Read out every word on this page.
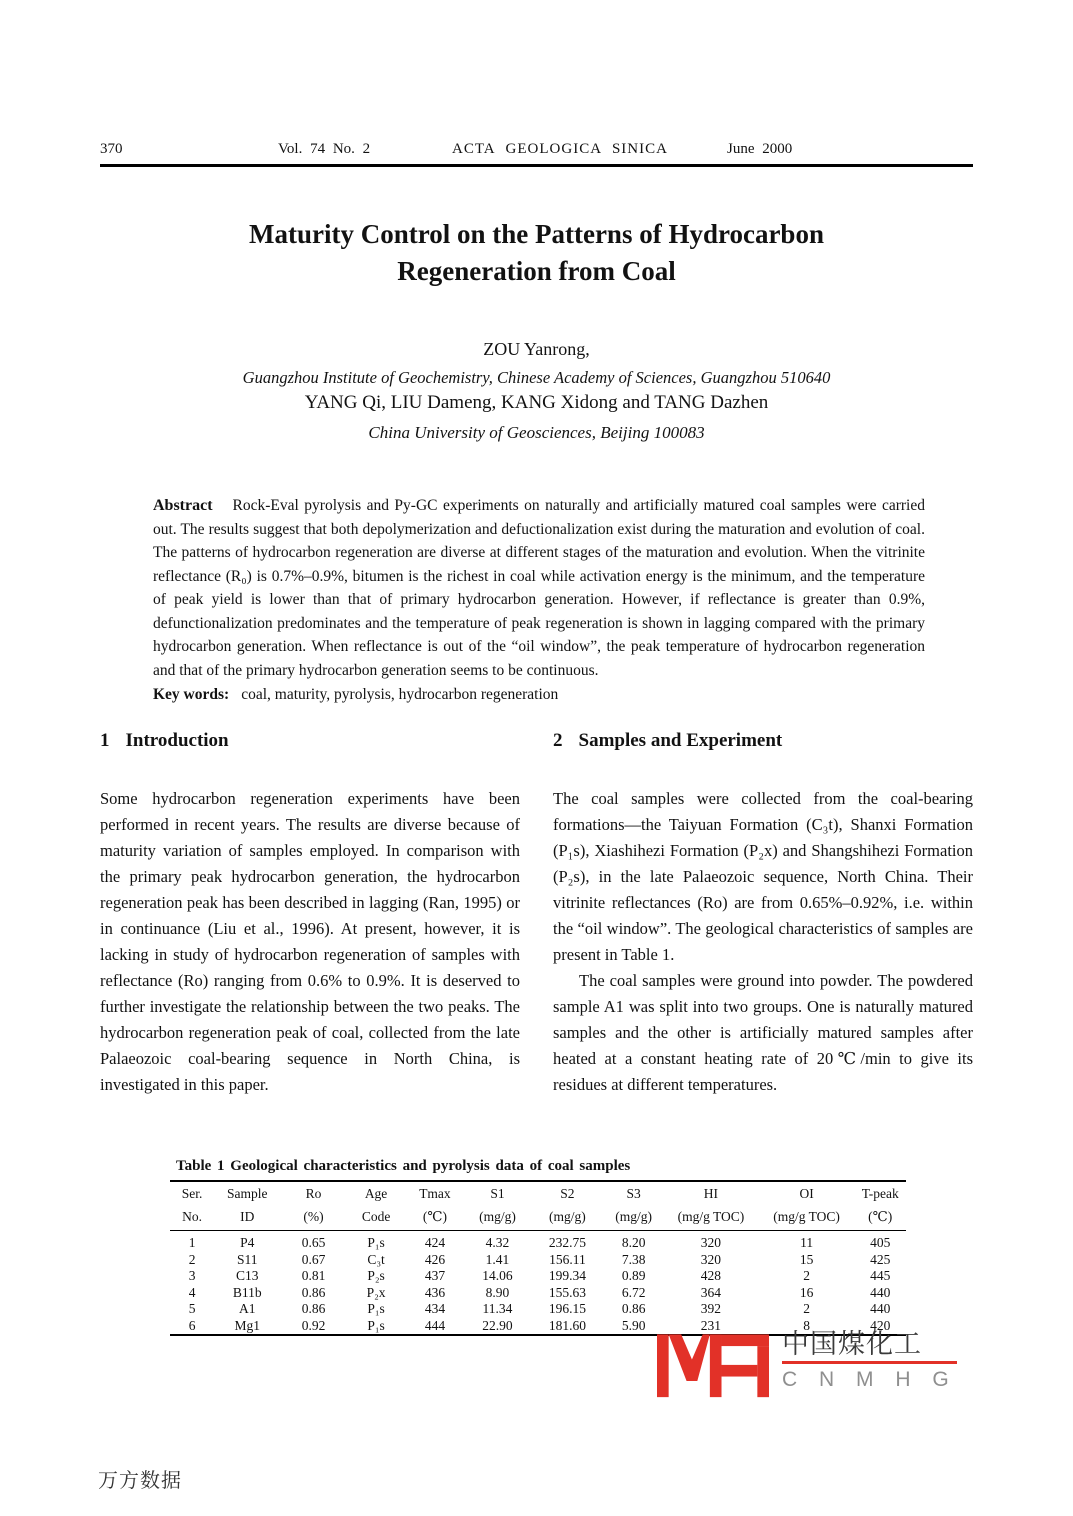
370	Vol. 74 No. 2	ACTA GEOLOGICA SINICA	June 2000
Maturity Control on the Patterns of Hydrocarbon
Regeneration from Coal
ZOU Yanrong,
Guangzhou Institute of Geochemistry, Chinese Academy of Sciences, Guangzhou 510640
YANG Qi, LIU Dameng, KANG Xidong and TANG Dazhen
China University of Geosciences, Beijing 100083
Abstract Rock-Eval pyrolysis and Py-GC experiments on naturally and artificially matured coal samples were carried out. The results suggest that both depolymerization and defuctionalization exist during the maturation and evolution of coal. The patterns of hydrocarbon regeneration are diverse at different stages of the maturation and evolution. When the vitrinite reflectance (R₀) is 0.7%–0.9%, bitumen is the richest in coal while activation energy is the minimum, and the temperature of peak yield is lower than that of primary hydrocarbon generation. However, if reflectance is greater than 0.9%, defunctionalization predominates and the temperature of peak regeneration is shown in lagging compared with the primary hydrocarbon generation. When reflectance is out of the “oil window”, the peak temperature of hydrocarbon regeneration and that of the primary hydrocarbon generation seems to be continuous.
Key words: coal, maturity, pyrolysis, hydrocarbon regeneration
1 Introduction

Some hydrocarbon regeneration experiments have been performed in recent years. The results are diverse because of maturity variation of samples employed. In comparison with the primary peak hydrocarbon generation, the hydrocarbon regeneration peak has been described in lagging (Ran, 1995) or in continuance (Liu et al., 1996). At present, however, it is lacking in study of hydrocarbon regeneration of samples with reflectance (Ro) ranging from 0.6% to 0.9%. It is deserved to further investigate the relationship between the two peaks. The hydrocarbon regeneration peak of coal, collected from the late Palaeozoic coal-bearing sequence in North China, is investigated in this paper.

2 Samples and Experiment

The coal samples were collected from the coal-bearing formations—the Taiyuan Formation (C₃t), Shanxi Formation (P₁s), Xiashihezi Formation (P₂x) and Shangshihezi Formation (P₂s), in the late Palaeozoic sequence, North China. Their vitrinite reflectances (Ro) are from 0.65%–0.92%, i.e. within the “oil window”. The geological characteristics of samples are present in Table 1.

The coal samples were ground into powder. The powdered sample A1 was split into two groups. One is naturally matured samples and the other is artificially matured samples after heated at a constant heating rate of 20℃/min to give its residues at different temperatures.

Table 1 Geological characteristics and pyrolysis data of coal samples
Ser.	Sample	Ro	Age	Tmax	S1	S2	S3	HI	OI	T-peak
No.	ID	(%)	Code	(℃)	(mg/g)	(mg/g)	(mg/g)	(mg/g TOC)	(mg/g TOC)	(℃)
1	P4	0.65	P₁s	424	4.32	232.75	8.20	320	11	405
2	S11	0.67	C₃t	426	1.41	156.11	7.38	320	15	425
3	C13	0.81	P₂s	437	14.06	199.34	0.89	428	2	445
4	B11b	0.86	P₂x	436	8.90	155.63	6.72	364	16	440
5	A1	0.86	P₁s	434	11.34	196.15	0.86	392	2	440
6	Mg1	0.92	P₁s	444	22.90	181.60	5.90	231	8	420
中国煤化工
C N M H G
万方数据
